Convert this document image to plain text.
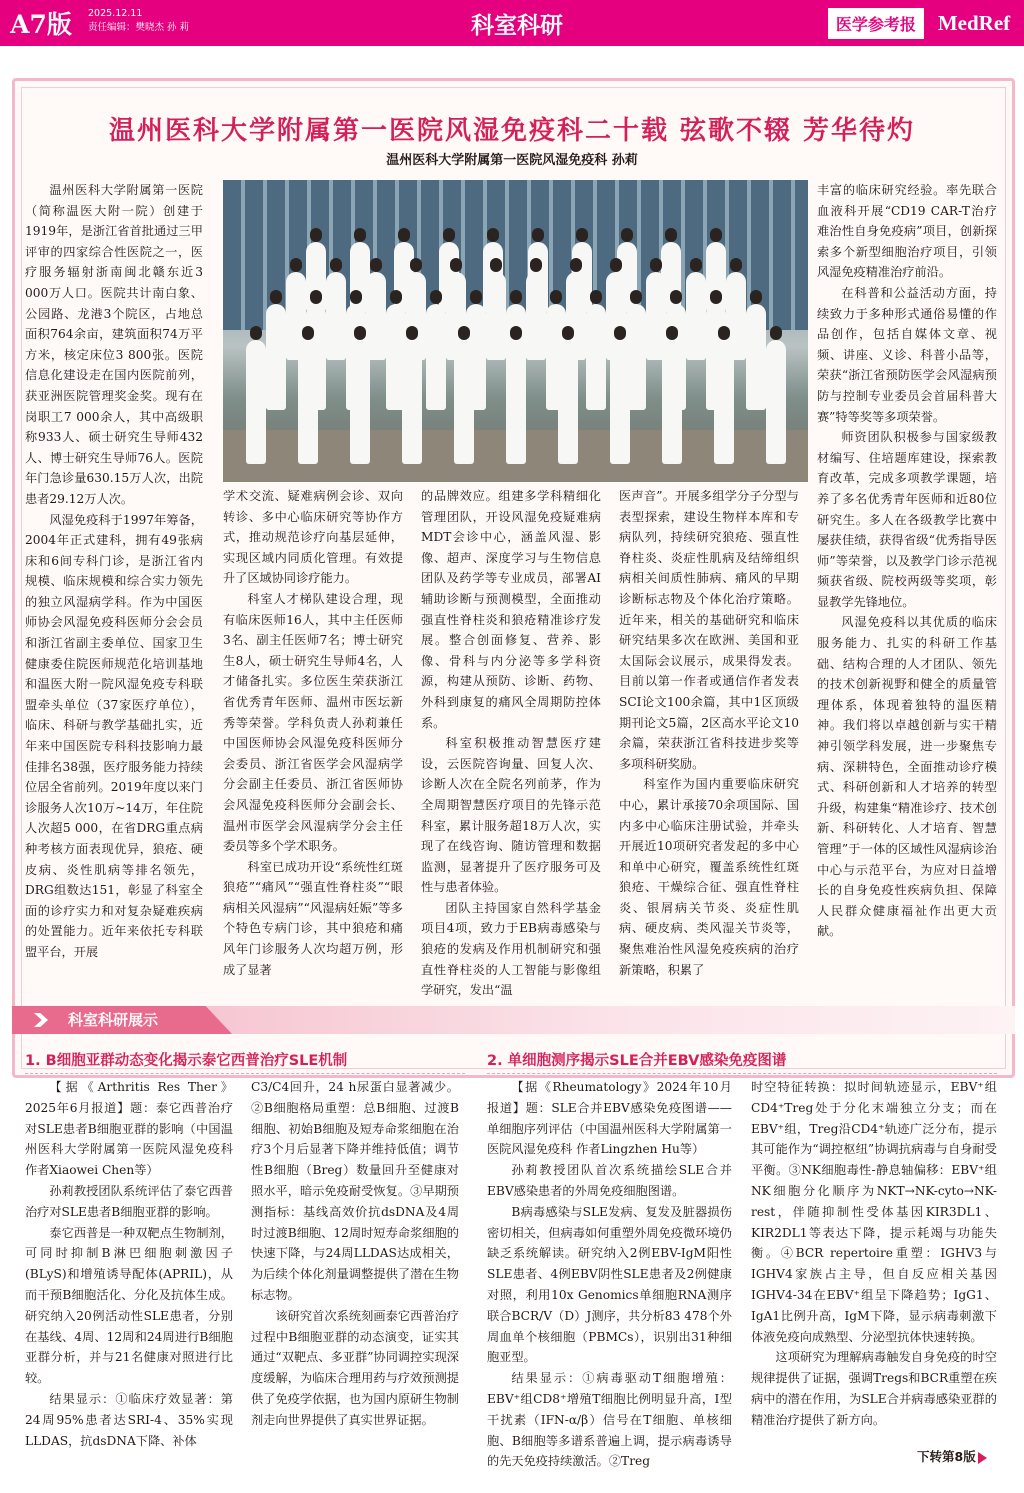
A7版	2025.12.11
责任编辑：樊晓杰 孙 莉	科室科研	医学参考报	MedRef
温州医科大学附属第一医院风湿免疫科二十载 弦歌不辍 芳华待灼
温州医科大学附属第一医院风湿免疫科 孙莉

温州医科大学附属第一医院（简称温医大附一院）创建于1919年，是浙江省首批通过三甲评审的四家综合性医院之一，医疗服务辐射浙南闽北赣东近3 000万人口。医院共计南白象、公园路、龙港3个院区，占地总面积764余亩，建筑面积74万平方米，核定床位3 800张。医院信息化建设走在国内医院前列，获亚洲医院管理奖金奖。现有在岗职工7 000余人，其中高级职称933人、硕士研究生导师432人、博士研究生导师76人。医院年门急诊量630.15万人次，出院患者29.12万人次。

风湿免疫科于1997年筹备，2004年正式建科，拥有49张病床和6间专科门诊，是浙江省内规模、临床规模和综合实力领先的独立风湿病学科。作为中国医师协会风湿免疫科医师分会会员和浙江省副主委单位、国家卫生健康委住院医师规范化培训基地和温医大附一院风湿免疫专科联盟牵头单位（37家医疗单位），临床、科研与教学基础扎实，近年来中国医院专科科技影响力最佳排名38强，医疗服务能力持续位居全省前列。2019年度以来门诊服务人次10万~14万，年住院人次超5 000，在省DRG重点病种考核方面表现优异，狼疮、硬皮病、炎性肌病等排名领先，DRG组数达151，彰显了科室全面的诊疗实力和对复杂疑难疾病的处置能力。近年来依托专科联盟平台，开展

学术交流、疑难病例会诊、双向转诊、多中心临床研究等协作方式，推动规范诊疗向基层延伸，实现区域内同质化管理。有效提升了区域协同诊疗能力。

科室人才梯队建设合理，现有临床医师16人，其中主任医师3名、副主任医师7名；博士研究生8人，硕士研究生导师4名，人才储备扎实。多位医生荣获浙江省优秀青年医师、温州市医坛新秀等荣誉。学科负责人孙莉兼任中国医师协会风湿免疫科医师分会委员、浙江省医学会风湿病学分会副主任委员、浙江省医师协会风湿免疫科医师分会副会长、温州市医学会风湿病学分会主任委员等多个学术职务。

科室已成功开设“系统性红斑狼疮”“痛风”“强直性脊柱炎”“眼病相关风湿病”“风湿病妊娠”等多个特色专病门诊，其中狼疮和痛风年门诊服务人次均超万例，形成了显著

的品牌效应。组建多学科精细化管理团队，开设风湿免疫疑难病MDT会诊中心，涵盖风湿、影像、超声、深度学习与生物信息团队及药学等专业成员，部署AI辅助诊断与预测模型，全面推动强直性脊柱炎和狼疮精准诊疗发展。整合创面修复、营养、影像、骨科与内分泌等多学科资源，构建从预防、诊断、药物、外科到康复的痛风全周期防控体系。

科室积极推动智慧医疗建设，云医院咨询量、回复人次、诊断人次在全院名列前茅，作为全周期智慧医疗项目的先锋示范科室，累计服务超18万人次，实现了在线咨询、随访管理和数据监测，显著提升了医疗服务可及性与患者体验。

团队主持国家自然科学基金项目4项，致力于EB病毒感染与狼疮的发病及作用机制研究和强直性脊柱炎的人工智能与影像组学研究，发出“温

医声音”。开展多组学分子分型与表型探索，建设生物样本库和专病队列，持续研究狼疮、强直性脊柱炎、炎症性肌病及结缔组织病相关间质性肺病、痛风的早期诊断标志物及个体化治疗策略。近年来，相关的基础研究和临床研究结果多次在欧洲、美国和亚太国际会议展示，成果得发表。目前以第一作者或通信作者发表SCI论文100余篇，其中1区顶级期刊论文5篇，2区高水平论文10余篇，荣获浙江省科技进步奖等多项科研奖励。

科室作为国内重要临床研究中心，累计承接70余项国际、国内多中心临床注册试验，并牵头开展近10项研究者发起的多中心和单中心研究，覆盖系统性红斑狼疮、干燥综合征、强直性脊柱炎、银屑病关节炎、炎症性肌病、硬皮病、类风湿关节炎等，聚焦难治性风湿免疫疾病的治疗新策略，积累了

丰富的临床研究经验。率先联合血液科开展“CD19 CAR-T治疗难治性自身免疫病”项目，创新探索多个新型细胞治疗项目，引领风湿免疫精准治疗前沿。

在科普和公益活动方面，持续致力于多种形式通俗易懂的作品创作，包括自媒体文章、视频、讲座、义诊、科普小品等，荣获“浙江省预防医学会风湿病预防与控制专业委员会首届科普大赛”特等奖等多项荣誉。

师资团队积极参与国家级教材编写、住培题库建设，探索教育改革，完成多项教学课题，培养了多名优秀青年医师和近80位研究生。多人在各级教学比赛中屡获佳绩，获得省级“优秀指导医师”等荣誉，以及教学门诊示范视频获省级、院校两级等奖项，彰显教学先锋地位。

风湿免疫科以其优质的临床服务能力、扎实的科研工作基础、结构合理的人才团队、领先的技术创新视野和健全的质量管理体系，体现着独特的温医精神。我们将以卓越创新与实干精神引领学科发展，进一步聚焦专病、深耕特色，全面推动诊疗模式、科研创新和人才培养的转型升级，构建集“精准诊疗、技术创新、科研转化、人才培育、智慧管理”于一体的区域性风湿病诊治中心与示范平台，为应对日益增长的自身免疫性疾病负担、保障人民群众健康福祉作出更大贡献。

科室科研展示
1. B细胞亚群动态变化揭示泰它西普治疗SLE机制

【据《Arthritis Res Ther》2025年6月报道】题：泰它西普治疗对SLE患者B细胞亚群的影响（中国温州医科大学附属第一医院风湿免疫科 作者Xiaowei Chen等）

孙莉教授团队系统评估了泰它西普治疗对SLE患者B细胞亚群的影响。

泰它西普是一种双靶点生物制剂，可同时抑制B淋巴细胞刺激因子(BLyS)和增殖诱导配体(APRIL)，从而干预B细胞活化、分化及抗体生成。研究纳入20例活动性SLE患者，分别在基线、4周、12周和24周进行B细胞亚群分析，并与21名健康对照进行比较。

结果显示：①临床疗效显著：第24周95%患者达SRI-4、35%实现LLDAS，抗dsDNA下降、补体

C3/C4回升，24 h尿蛋白显著减少。②B细胞格局重塑：总B细胞、过渡B细胞、初始B细胞及短寿命浆细胞在治疗3个月后显著下降并维持低值；调节性B细胞（Breg）数量回升至健康对照水平，暗示免疫耐受恢复。③早期预测指标：基线高效价抗dsDNA及4周时过渡B细胞、12周时短寿命浆细胞的快速下降，与24周LLDAS达成相关，为后续个体化剂量调整提供了潜在生物标志物。

该研究首次系统刻画泰它西普治疗过程中B细胞亚群的动态演变，证实其通过“双靶点、多亚群”协同调控实现深度缓解，为临床合理用药与疗效预测提供了免疫学依据，也为国内原研生物制剂走向世界提供了真实世界证据。

2. 单细胞测序揭示SLE合并EBV感染免疫图谱

【据《Rheumatology》2024年10月报道】题：SLE合并EBV感染免疫图谱——单细胞序列评估（中国温州医科大学附属第一医院风湿免疫科 作者Lingzhen Hu等）

孙莉教授团队首次系统描绘SLE合并EBV感染患者的外周免疫细胞图谱。

B病毒感染与SLE发病、复发及脏器损伤密切相关，但病毒如何重塑外周免疫微环境仍缺乏系统解读。研究纳入2例EBV-IgM阳性SLE患者、4例EBV阴性SLE患者及2例健康对照，利用10x Genomics单细胞RNA测序联合BCR/V（D）J测序，共分析83 478个外周血单个核细胞（PBMCs），识别出31种细胞亚型。

结果显示：①病毒驱动T细胞增殖：EBV⁺组CD8⁺增殖T细胞比例明显升高，Ⅰ型干扰素（IFN-α/β）信号在T细胞、单核细胞、B细胞等多谱系普遍上调，提示病毒诱导的先天免疫持续激活。②Treg

时空特征转换：拟时间轨迹显示，EBV⁺组CD4⁺Treg处于分化末端独立分支；而在EBV⁺组，Treg沿CD4⁺轨迹广泛分布，提示其可能作为“调控枢纽”协调抗病毒与自身耐受平衡。③NK细胞毒性-静息轴偏移：EBV⁺组NK细胞分化顺序为NKT→NK-cyto→NK-rest，伴随抑制性受体基因KIR3DL1、KIR2DL1等表达下降，提示耗竭与功能失衡。④BCR repertoire重塑：IGHV3与IGHV4家族占主导，但自反应相关基因IGHV4-34在EBV⁺组呈下降趋势；IgG1、IgA1比例升高，IgM下降，显示病毒刺激下体液免疫向成熟型、分泌型抗体快速转换。

这项研究为理解病毒触发自身免疫的时空规律提供了证据，强调Tregs和BCR重塑在疾病中的潜在作用，为SLE合并病毒感染亚群的精准治疗提供了新方向。

下转第8版
